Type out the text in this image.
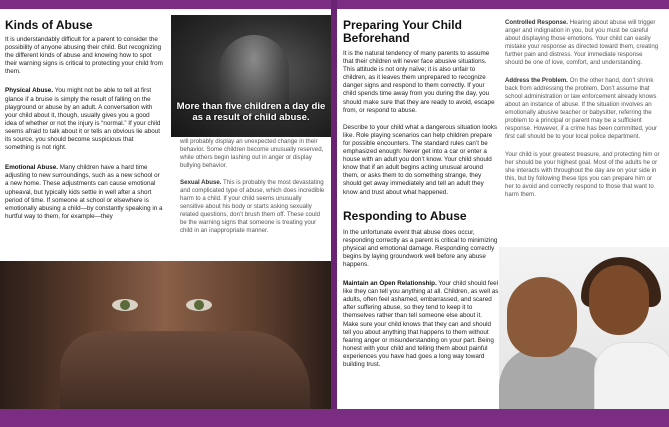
Kinds of Abuse

It is understandably difficult for a parent to consider the possibility of anyone abusing their child. But recognizing the different kinds of abuse and knowing how to spot their warning signs is critical to protecting your child from them.

Physical Abuse. You might not be able to tell at first glance if a bruise is simply the result of falling on the playground or abuse by an adult. A conversation with your child about it, though, usually gives you a good idea of whether or not the injury is “normal.” If your child seems afraid to talk about it or tells an obvious lie about its source, you should become suspicious that something is not right.

Emotional Abuse. Many children have a hard time adjusting to new surroundings, such as a new school or a new home. These adjustments can cause emotional upheaval, but typically kids settle in well after a short period of time. If someone at school or elsewhere is emotionally abusing a child—by constantly speaking in a hurtful way to them, for example—they

More than five children a day die as a result of child abuse.

will probably display an unexpected change in their behavior. Some children become unusually reserved, while others begin lashing out in anger or display bullying behavior.

Sexual Abuse. This is probably the most devastating and complicated type of abuse, which does incredible harm to a child. If your child seems unusually sensitive about his body or starts asking sexually related questions, don’t brush them off. These could be the warning signs that someone is treating your child in an inappropriate manner.

Preparing Your Child Beforehand

It is the natural tendency of many parents to assume that their children will never face abusive situations. This attitude is not only naïve; it is also unfair to children, as it leaves them unprepared to recognize danger signs and respond to them correctly. If your child spends time away from you during the day, you should make sure that they are ready to avoid, escape from, or respond to abuse.

Describe to your child what a dangerous situation looks like. Role playing scenarios can help children prepare for possible encounters. The standard rules can’t be emphasized enough: Never get into a car or enter a house with an adult you don’t know. Your child should know that if an adult begins acting unusual around them, or asks them to do something strange, they should get away immediately and tell an adult they know and trust about what happened.

Responding to Abuse

In the unfortunate event that abuse does occur, responding correctly as a parent is critical to minimizing physical and emotional damage. Responding correctly begins by laying groundwork well before any abuse happens.

Maintain an Open Relationship. Your child should feel like they can tell you anything at all. Children, as well as adults, often feel ashamed, embarrassed, and scared after suffering abuse, so they tend to keep it to themselves rather than tell someone else about it. Make sure your child knows that they can and should tell you about anything that happens to them without fearing anger or misunderstanding on your part. Being honest with your child and telling them about painful experiences you have had goes a long way toward building trust.

Controlled Response. Hearing about abuse will trigger anger and indignation in you, but you must be careful about displaying those emotions. Your child can easily mistake your response as directed toward them, creating further pain and distress. Your immediate response should be one of love, comfort, and understanding.

Address the Problem. On the other hand, don’t shrink back from addressing the problem. Don’t assume that school administration or law enforcement already knows about an instance of abuse. If the situation involves an emotionally abusive teacher or babysitter, referring the problem to a principal or parent may be a sufficient response. However, if a crime has been committed, your first call should be to your local police department.

Your child is your greatest treasure, and protecting him or her should be your highest goal. Most of the adults he or she interacts with throughout the day are on your side in this, but by following these tips you can prepare him or her to avoid and correctly respond to those that want to harm them.
